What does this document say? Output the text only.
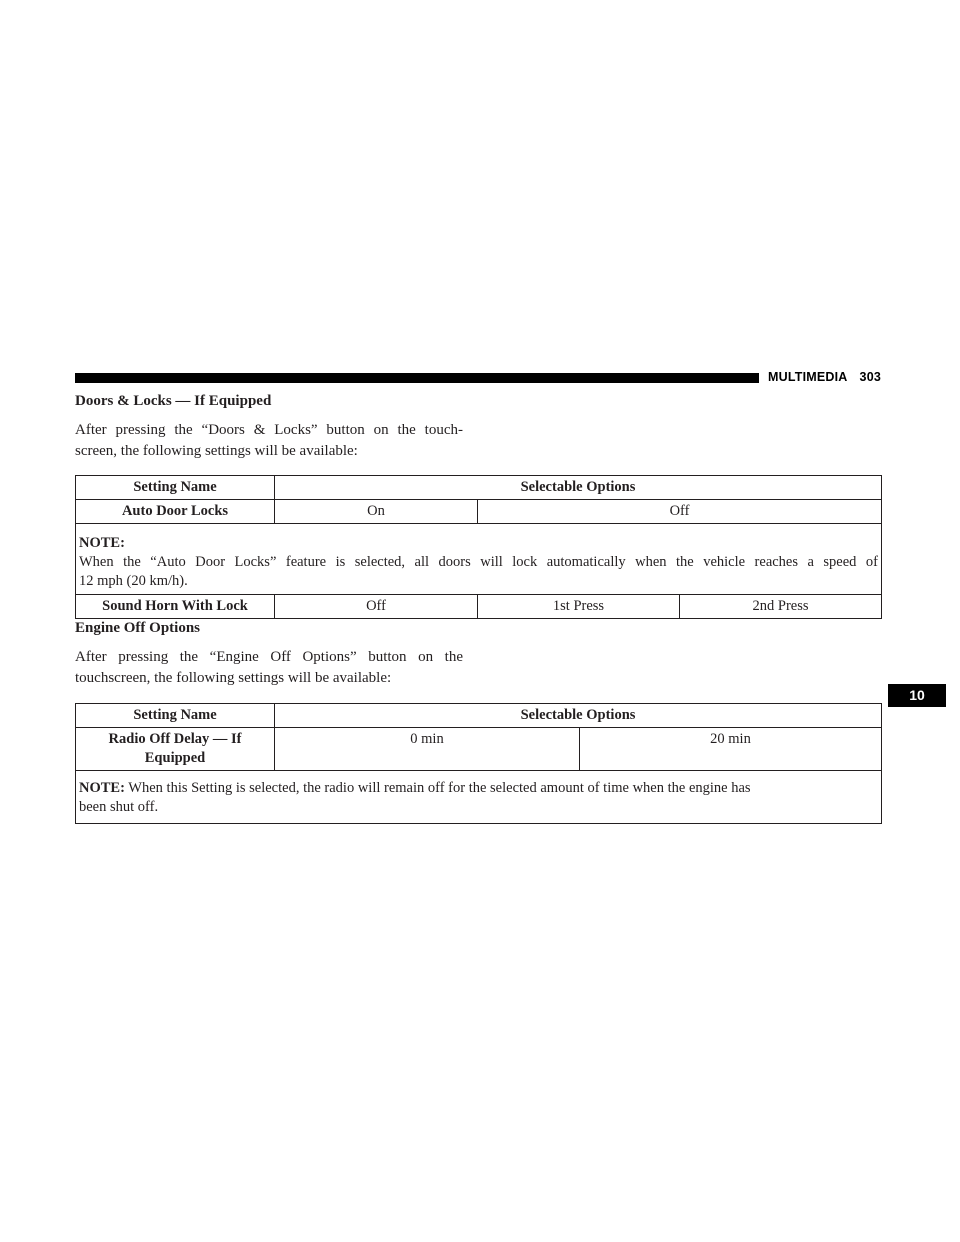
MULTIMEDIA 303
10
Doors & Locks — If Equipped
After pressing the “Doors & Locks” button on the touch-
screen, the following settings will be available:
Setting Name	Selectable Options		
Auto Door Locks	On	Off	

NOTE:
When the “Auto Door Locks” feature is selected, all doors will lock automatically when the vehicle reaches a speed of
12 mph (20 km/h).			

Sound Horn With Lock	Off	1st Press	2nd Press
Engine Off Options
After pressing the “Engine Off Options” button on the
touchscreen, the following settings will be available:
Setting Name	Selectable Options	

Radio Off Delay — If
Equipped	0 min	20 min

NOTE: When this Setting is selected, the radio will remain off for the selected amount of time when the engine has
been shut off.		
